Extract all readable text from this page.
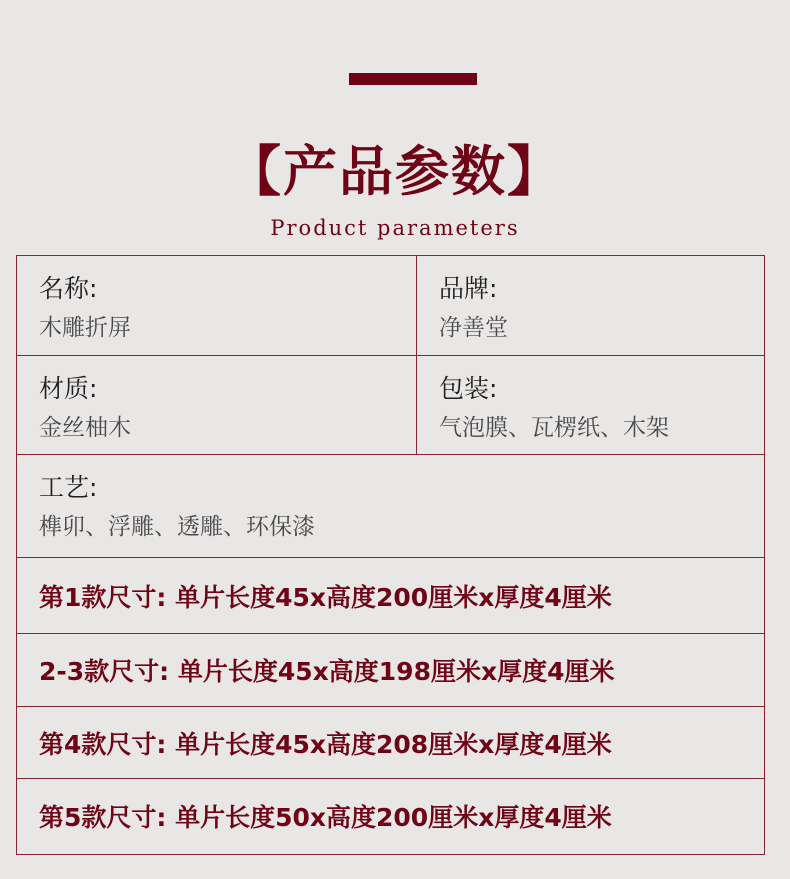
【产品参数】
Product parameters
名称:
木雕折屏
品牌:
净善堂
材质:
金丝柚木
包装:
气泡膜、瓦楞纸、木架
工艺:
榫卯、浮雕、透雕、环保漆
第1款尺寸: 单片长度45x高度200厘米x厚度4厘米
2-3款尺寸: 单片长度45x高度198厘米x厚度4厘米
第4款尺寸: 单片长度45x高度208厘米x厚度4厘米
第5款尺寸: 单片长度50x高度200厘米x厚度4厘米
